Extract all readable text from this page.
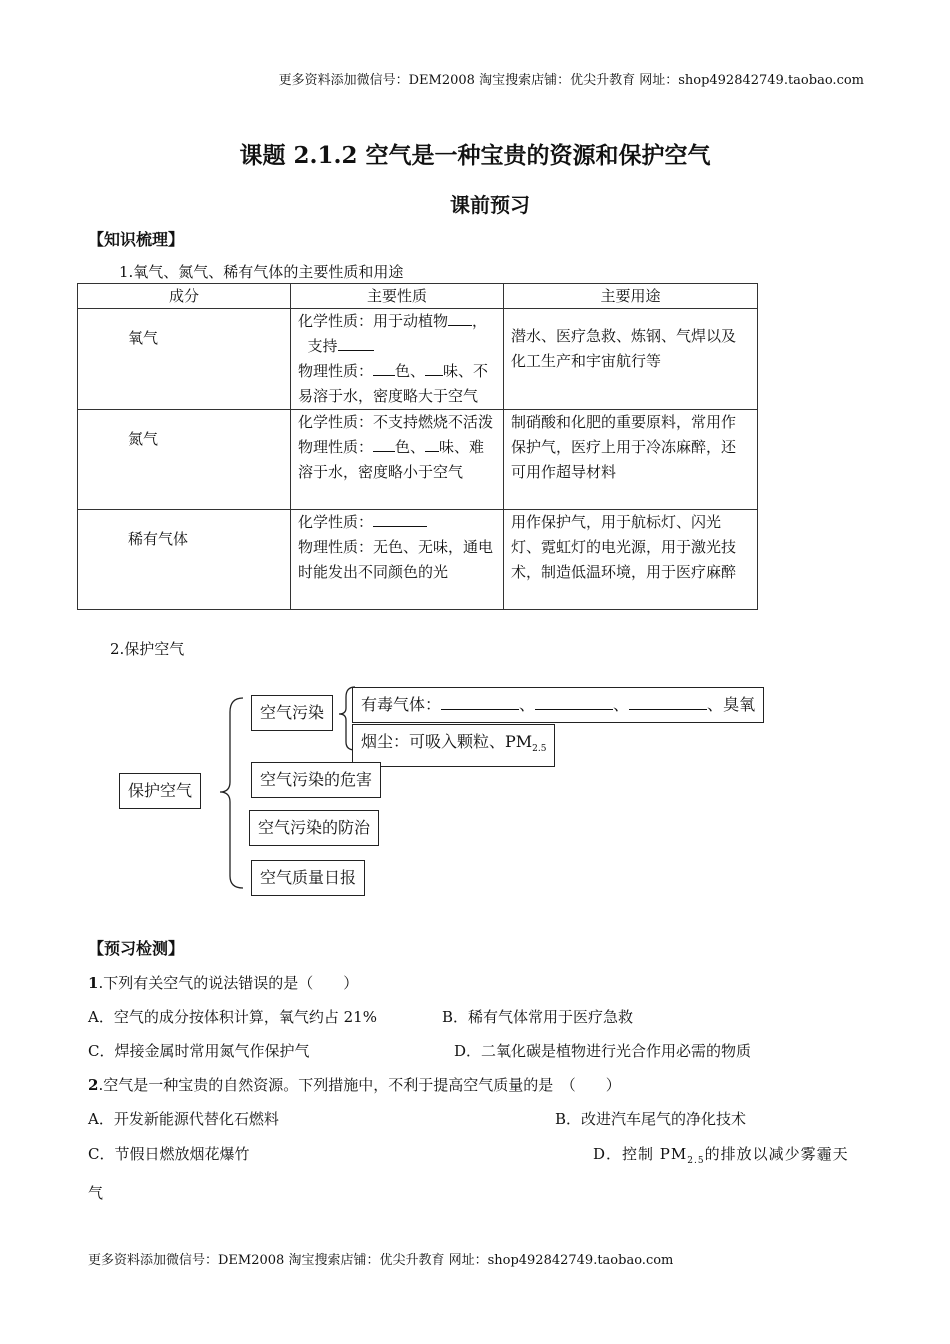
更多资料添加微信号：DEM2008 淘宝搜索店铺：优尖升教育 网址：shop492842749.taobao.com
课题 2.1.2 空气是一种宝贵的资源和保护空气
课前预习
【知识梳理】
1.氧气、氮气、稀有气体的主要性质和用途
成分	主要性质	主要用途
氧气	化学性质：用于动植物 ，
支持
物理性质： 色、 味、不易溶于水，密度略大于空气	潜水、医疗急救、炼钢、气焊以及化工生产和宇宙航行等
氮气	化学性质：不支持燃烧不活泼
物理性质： 色、 味、难溶于水，密度略小于空气	制硝酸和化肥的重要原料，常用作保护气，医疗上用于冷冻麻醉，还可用作超导材料
稀有气体	化学性质：
物理性质：无色、无味，通电时能发出不同颜色的光	用作保护气，用于航标灯、闪光灯、霓虹灯的电光源，用于激光技术，制造低温环境，用于医疗麻醉
2.保护空气
保护空气
空气污染	有毒气体：	、	、	、臭氧
烟尘：可吸入颗粒、$PM_{2.5}$
空气污染的危害
空气污染的防治
空气质量日报
【预习检测】
1.下列有关空气的说法错误的是（　　）
A．空气的成分按体积计算，氧气约占 21%	B．稀有气体常用于医疗急救
C．焊接金属时常用氮气作保护气	D．二氧化碳是植物进行光合作用必需的物质
2.空气是一种宝贵的自然资源。下列措施中，不利于提高空气质量的是　（　　）
A．开发新能源代替化石燃料	B．改进汽车尾气的净化技术
C．节假日燃放烟花爆竹	D．控制 $PM_{2.5}$的排放以减少雾霾天
气
更多资料添加微信号：DEM2008 淘宝搜索店铺：优尖升教育 网址：shop492842749.taobao.com
